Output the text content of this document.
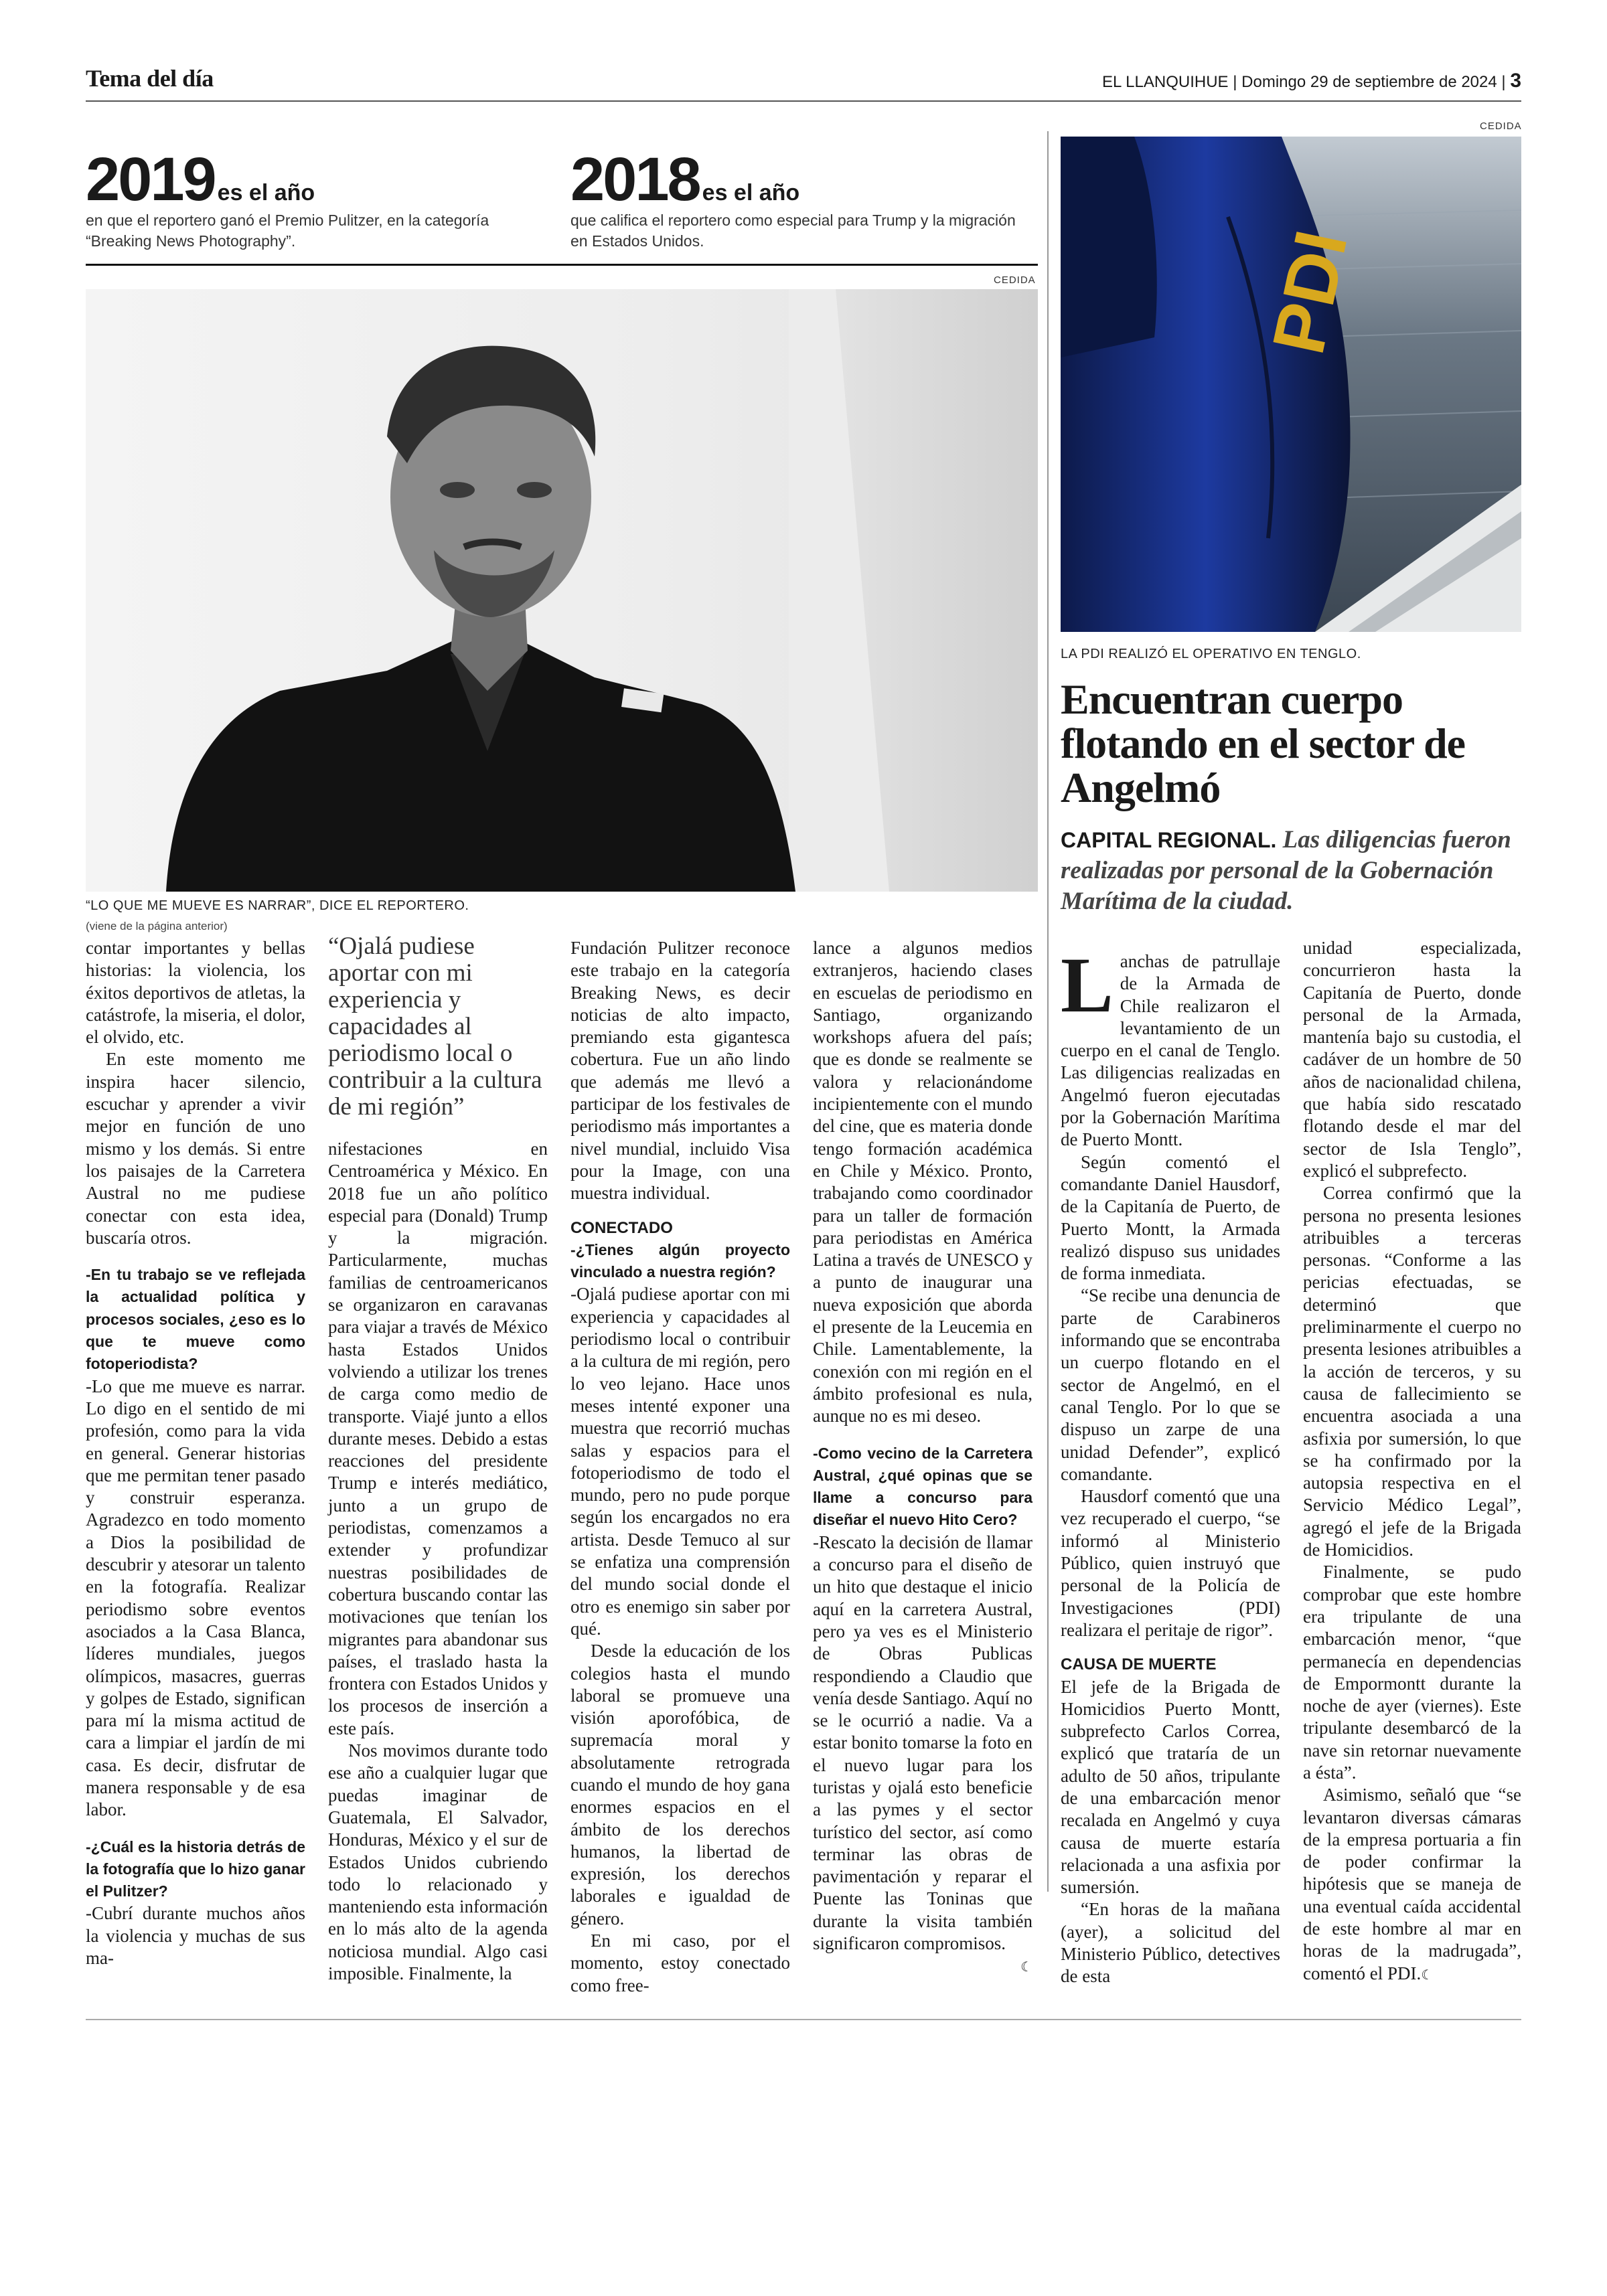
Tema del día	EL LLANQUIHUE | Domingo 29 de septiembre de 2024 | 3
2019 es el año
en que el reportero ganó el Premio Pulitzer, en la categoría “Breaking News Photography”.
2018 es el año
que califica el reportero como especial para Trump y la migración en Estados Unidos.
CEDIDA
“LO QUE ME MUEVE ES NARRAR”, DICE EL REPORTERO.
(viene de la página anterior)

contar importantes y bellas historias: la violencia, los éxitos deportivos de atletas, la catástrofe, la miseria, el dolor, el olvido, etc.

En este momento me inspira hacer silencio, escuchar y aprender a vivir mejor en función de uno mismo y los demás. Si entre los paisajes de la Carretera Austral no me pudiese conectar con esta idea, buscaría otros.

-En tu trabajo se ve reflejada la actualidad política y procesos sociales, ¿eso es lo que te mueve como fotoperiodista?

-Lo que me mueve es narrar. Lo digo en el sentido de mi profesión, como para la vida en general. Generar historias que me permitan tener pasado y construir esperanza. Agradezco en todo momento a Dios la posibilidad de descubrir y atesorar un talento en la fotografía. Realizar periodismo sobre eventos asociados a la Casa Blanca, líderes mundiales, juegos olímpicos, masacres, guerras y golpes de Estado, significan para mí la misma actitud de cara a limpiar el jardín de mi casa. Es decir, disfrutar de manera responsable y de esa labor.

-¿Cuál es la historia detrás de la fotografía que lo hizo ganar el Pulitzer?

-Cubrí durante muchos años la violencia y muchas de sus ma-

“Ojalá pudiese aportar con mi experiencia y capacidades al periodismo local o contribuir a la cultura de mi región”

nifestaciones en Centroamérica y México. En 2018 fue un año político especial para (Donald) Trump y la migración. Particularmente, muchas familias de centroamericanos se organizaron en caravanas para viajar a través de México hasta Estados Unidos volviendo a utilizar los trenes de carga como medio de transporte. Viajé junto a ellos durante meses. Debido a estas reacciones del presidente Trump e interés mediático, junto a un grupo de periodistas, comenzamos a extender y profundizar nuestras posibilidades de cobertura buscando contar las motivaciones que tenían los migrantes para abandonar sus países, el traslado hasta la frontera con Estados Unidos y los procesos de inserción a este país.

Nos movimos durante todo ese año a cualquier lugar que puedas imaginar de Guatemala, El Salvador, Honduras, México y el sur de Estados Unidos cubriendo todo lo relacionado y manteniendo esta información en lo más alto de la agenda noticiosa mundial. Algo casi imposible. Finalmente, la

Fundación Pulitzer reconoce este trabajo en la categoría Breaking News, es decir noticias de alto impacto, premiando esta gigantesca cobertura. Fue un año lindo que además me llevó a participar de los festivales de periodismo más importantes a nivel mundial, incluido Visa pour la Image, con una muestra individual.

CONECTADO

-¿Tienes algún proyecto vinculado a nuestra región?

-Ojalá pudiese aportar con mi experiencia y capacidades al periodismo local o contribuir a la cultura de mi región, pero lo veo lejano. Hace unos meses intenté exponer una muestra que recorrió muchas salas y espacios para el fotoperiodismo de todo el mundo, pero no pude porque según los encargados no era artista. Desde Temuco al sur se enfatiza una comprensión del mundo social donde el otro es enemigo sin saber por qué.

Desde la educación de los colegios hasta el mundo laboral se promueve una visión aporofóbica, de supremacía moral y absolutamente retrograda cuando el mundo de hoy gana enormes espacios en el ámbito de los derechos humanos, la libertad de expresión, los derechos laborales e igualdad de género.

En mi caso, por el momento, estoy conectado como free-

lance a algunos medios extranjeros, haciendo clases en escuelas de periodismo en Santiago, organizando workshops afuera del país; que es donde se realmente se valora y relacionándome incipientemente con el mundo del cine, que es materia donde tengo formación académica en Chile y México. Pronto, trabajando como coordinador para un taller de formación para periodistas en América Latina a través de UNESCO y a punto de inaugurar una nueva exposición que aborda el presente de la Leucemia en Chile. Lamentablemente, la conexión con mi región en el ámbito profesional es nula, aunque no es mi deseo.

-Como vecino de la Carretera Austral, ¿qué opinas que se llame a concurso para diseñar el nuevo Hito Cero?

-Rescato la decisión de llamar a concurso para el diseño de un hito que destaque el inicio aquí en la carretera Austral, pero ya ves es el Ministerio de Obras Publicas respondiendo a Claudio que venía desde Santiago. Aquí no se le ocurrió a nadie. Va a estar bonito tomarse la foto en el nuevo lugar para los turistas y ojalá esto beneficie a las pymes y el sector turístico del sector, así como terminar las obras de pavimentación y reparar el Puente las Toninas que durante la visita también significaron compromisos.

☾

CEDIDA
PDI
LA PDI REALIZÓ EL OPERATIVO EN TENGLO.
Encuentran cuerpo flotando en el sector de Angelmó
CAPITAL REGIONAL. Las diligencias fueron realizadas por personal de la Gobernación Marítima de la ciudad.

Lanchas de patrullaje de la Armada de Chile realizaron el levantamiento de un cuerpo en el canal de Tenglo. Las diligencias realizadas en Angelmó fueron ejecutadas por la Gobernación Marítima de Puerto Montt.

Según comentó el comandante Daniel Hausdorf, de la Capitanía de Puerto, de Puerto Montt, la Armada realizó dispuso sus unidades de forma inmediata.

“Se recibe una denuncia de parte de Carabineros informando que se encontraba un cuerpo flotando en el sector de Angelmó, en el canal Tenglo. Por lo que se dispuso un zarpe de una unidad Defender”, explicó comandante.

Hausdorf comentó que una vez recuperado el cuerpo, “se informó al Ministerio Público, quien instruyó que personal de la Policía de Investigaciones (PDI) realizara el peritaje de rigor”.

CAUSA DE MUERTE

El jefe de la Brigada de Homicidios Puerto Montt, subprefecto Carlos Correa, explicó que trataría de un adulto de 50 años, tripulante de una embarcación menor recalada en Angelmó y cuya causa de muerte estaría relacionada a una asfixia por sumersión.

“En horas de la mañana (ayer), a solicitud del Ministerio Público, detectives de esta

unidad especializada, concurrieron hasta la Capitanía de Puerto, donde personal de la Armada, mantenía bajo su custodia, el cadáver de un hombre de 50 años de nacionalidad chilena, que había sido rescatado flotando desde el mar del sector de Isla Tenglo”, explicó el subprefecto.

Correa confirmó que la persona no presenta lesiones atribuibles a terceras personas. “Conforme a las pericias efectuadas, se determinó que preliminarmente el cuerpo no presenta lesiones atribuibles a la acción de terceros, y su causa de fallecimiento se encuentra asociada a una asfixia por sumersión, lo que se ha confirmado por la autopsia respectiva en el Servicio Médico Legal”, agregó el jefe de la Brigada de Homicidios.

Finalmente, se pudo comprobar que este hombre era tripulante de una embarcación menor, “que permanecía en dependencias de Empormontt durante la noche de ayer (viernes). Este tripulante desembarcó de la nave sin retornar nuevamente a ésta”.

Asimismo, señaló que “se levantaron diversas cámaras de la empresa portuaria a fin de poder confirmar la hipótesis que se maneja de una eventual caída accidental de este hombre al mar en horas de la madrugada”, comentó el PDI.☾
